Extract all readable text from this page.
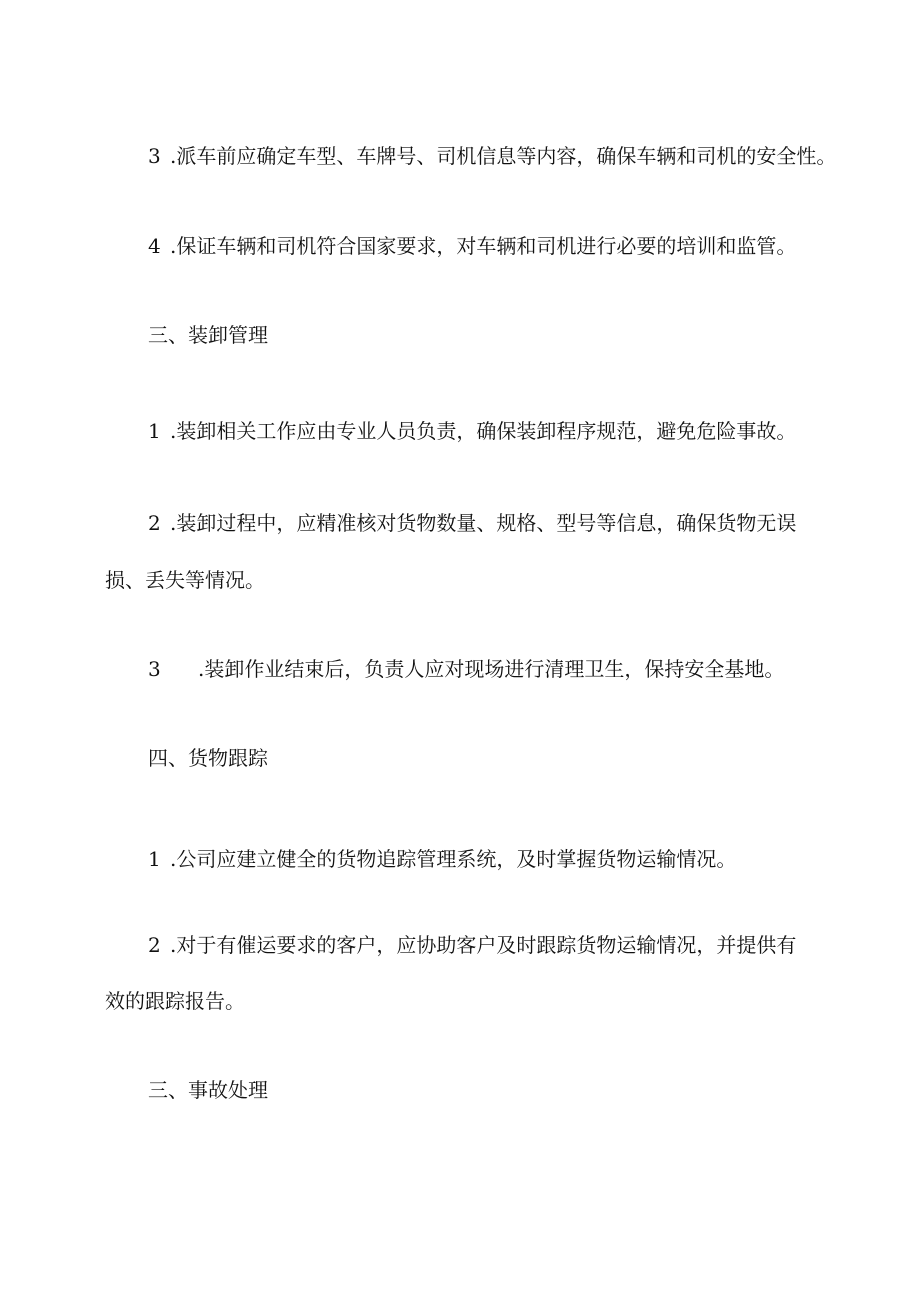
3 .派车前应确定车型、车牌号、司机信息等内容，确保车辆和司机的安全性。
4 .保证车辆和司机符合国家要求，对车辆和司机进行必要的培训和监管。
三、装卸管理
1 .装卸相关工作应由专业人员负责，确保装卸程序规范，避免危险事故。
2 .装卸过程中，应精准核对货物数量、规格、型号等信息，确保货物无误
损、丢失等情况。
3 .装卸作业结束后，负责人应对现场进行清理卫生，保持安全基地。
四、货物跟踪
1 .公司应建立健全的货物追踪管理系统，及时掌握货物运输情况。
2 .对于有催运要求的客户，应协助客户及时跟踪货物运输情况，并提供有
效的跟踪报告。
三、事故处理
